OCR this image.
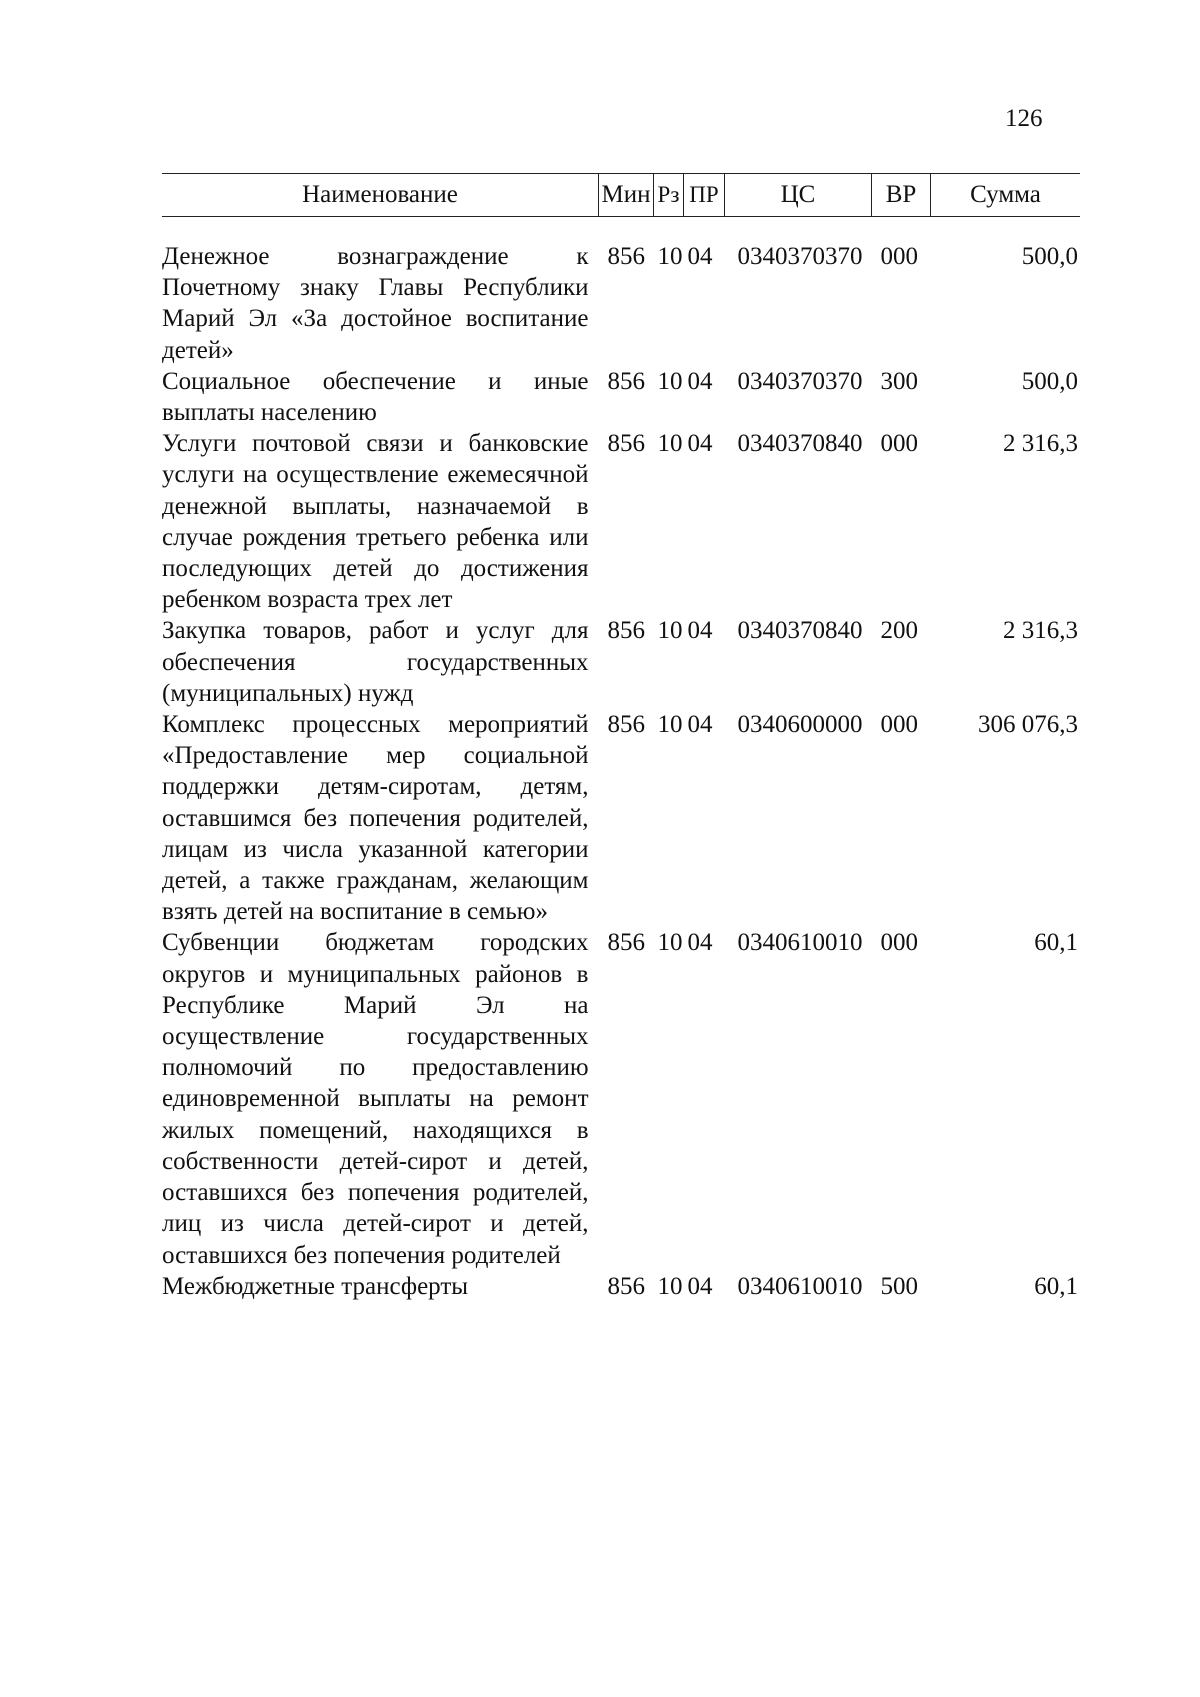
126
Наименование	Мин	Рз	ПР	ЦС	ВР	Сумма

Денежное вознаграждение к Почетному знаку Главы Республики Марий Эл «За достойное воспитание детей»	856	10	04	0340370370	000	500,0
Социальное обеспечение и иные выплаты населению	856	10	04	0340370370	300	500,0
Услуги почтовой связи и банковские услуги на осуществление ежемесячной денежной выплаты, назначаемой в случае рождения третьего ребенка или последующих детей до достижения ребенком возраста трех лет	856	10	04	0340370840	000	2 316,3
Закупка товаров, работ и услуг для обеспечения государственных (муниципальных) нужд	856	10	04	0340370840	200	2 316,3
Комплекс процессных мероприятий «Предоставление мер социальной поддержки детям-сиротам, детям, оставшимся без попечения родителей, лицам из числа указанной категории детей, а также гражданам, желающим взять детей на воспитание в семью»	856	10	04	0340600000	000	306 076,3
Субвенции бюджетам городских округов и муниципальных районов в Республике Марий Эл на осуществление государственных полномочий по предоставлению единовременной выплаты на ремонт жилых помещений, находящихся в собственности детей-сирот и детей, оставшихся без попечения родителей, лиц из числа детей-сирот и детей, оставшихся без попечения родителей	856	10	04	0340610010	000	60,1
Межбюджетные трансферты	856	10	04	0340610010	500	60,1
